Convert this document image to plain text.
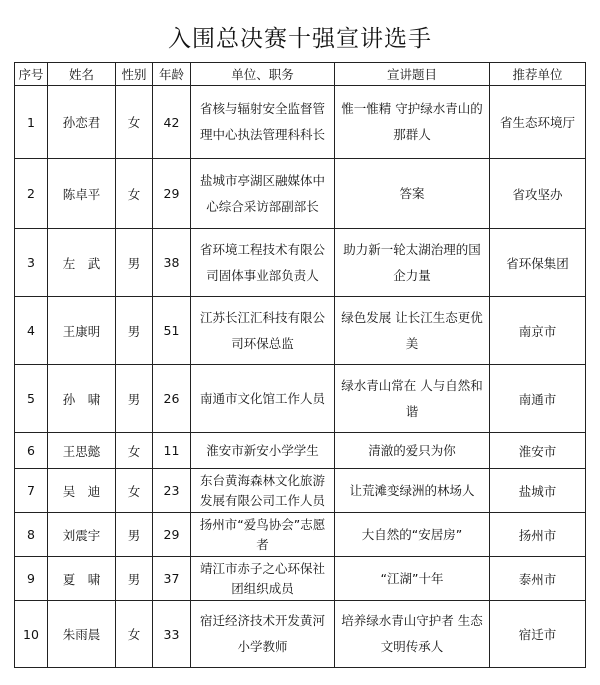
入围总决赛十强宣讲选手
序号	姓名	性别	年龄	单位、职务	宣讲题目	推荐单位
1	孙恋君	女	42	省核与辐射安全监督管理中心执法管理科科长	惟一惟精 守护绿水青山的那群人	省生态环境厅
2	陈卓平	女	29	盐城市亭湖区融媒体中心综合采访部副部长	答案	省攻坚办
3	左　武	男	38	省环境工程技术有限公司固体事业部负责人	助力新一轮太湖治理的国企力量	省环保集团
4	王康明	男	51	江苏长江汇科技有限公司环保总监	绿色发展 让长江生态更优美	南京市
5	孙　啸	男	26	南通市文化馆工作人员	绿水青山常在 人与自然和谐	南通市
6	王思懿	女	11	淮安市新安小学学生	清澈的爱只为你	淮安市
7	吴　迪	女	23	东台黄海森林文化旅游发展有限公司工作人员	让荒滩变绿洲的林场人	盐城市
8	刘震宇	男	29	扬州市“爱鸟协会”志愿者	大自然的“安居房”	扬州市
9	夏　啸	男	37	靖江市赤子之心环保社团组织成员	“江湖”十年	泰州市
10	朱雨晨	女	33	宿迁经济技术开发黄河小学教师	培养绿水青山守护者 生态文明传承人	宿迁市
